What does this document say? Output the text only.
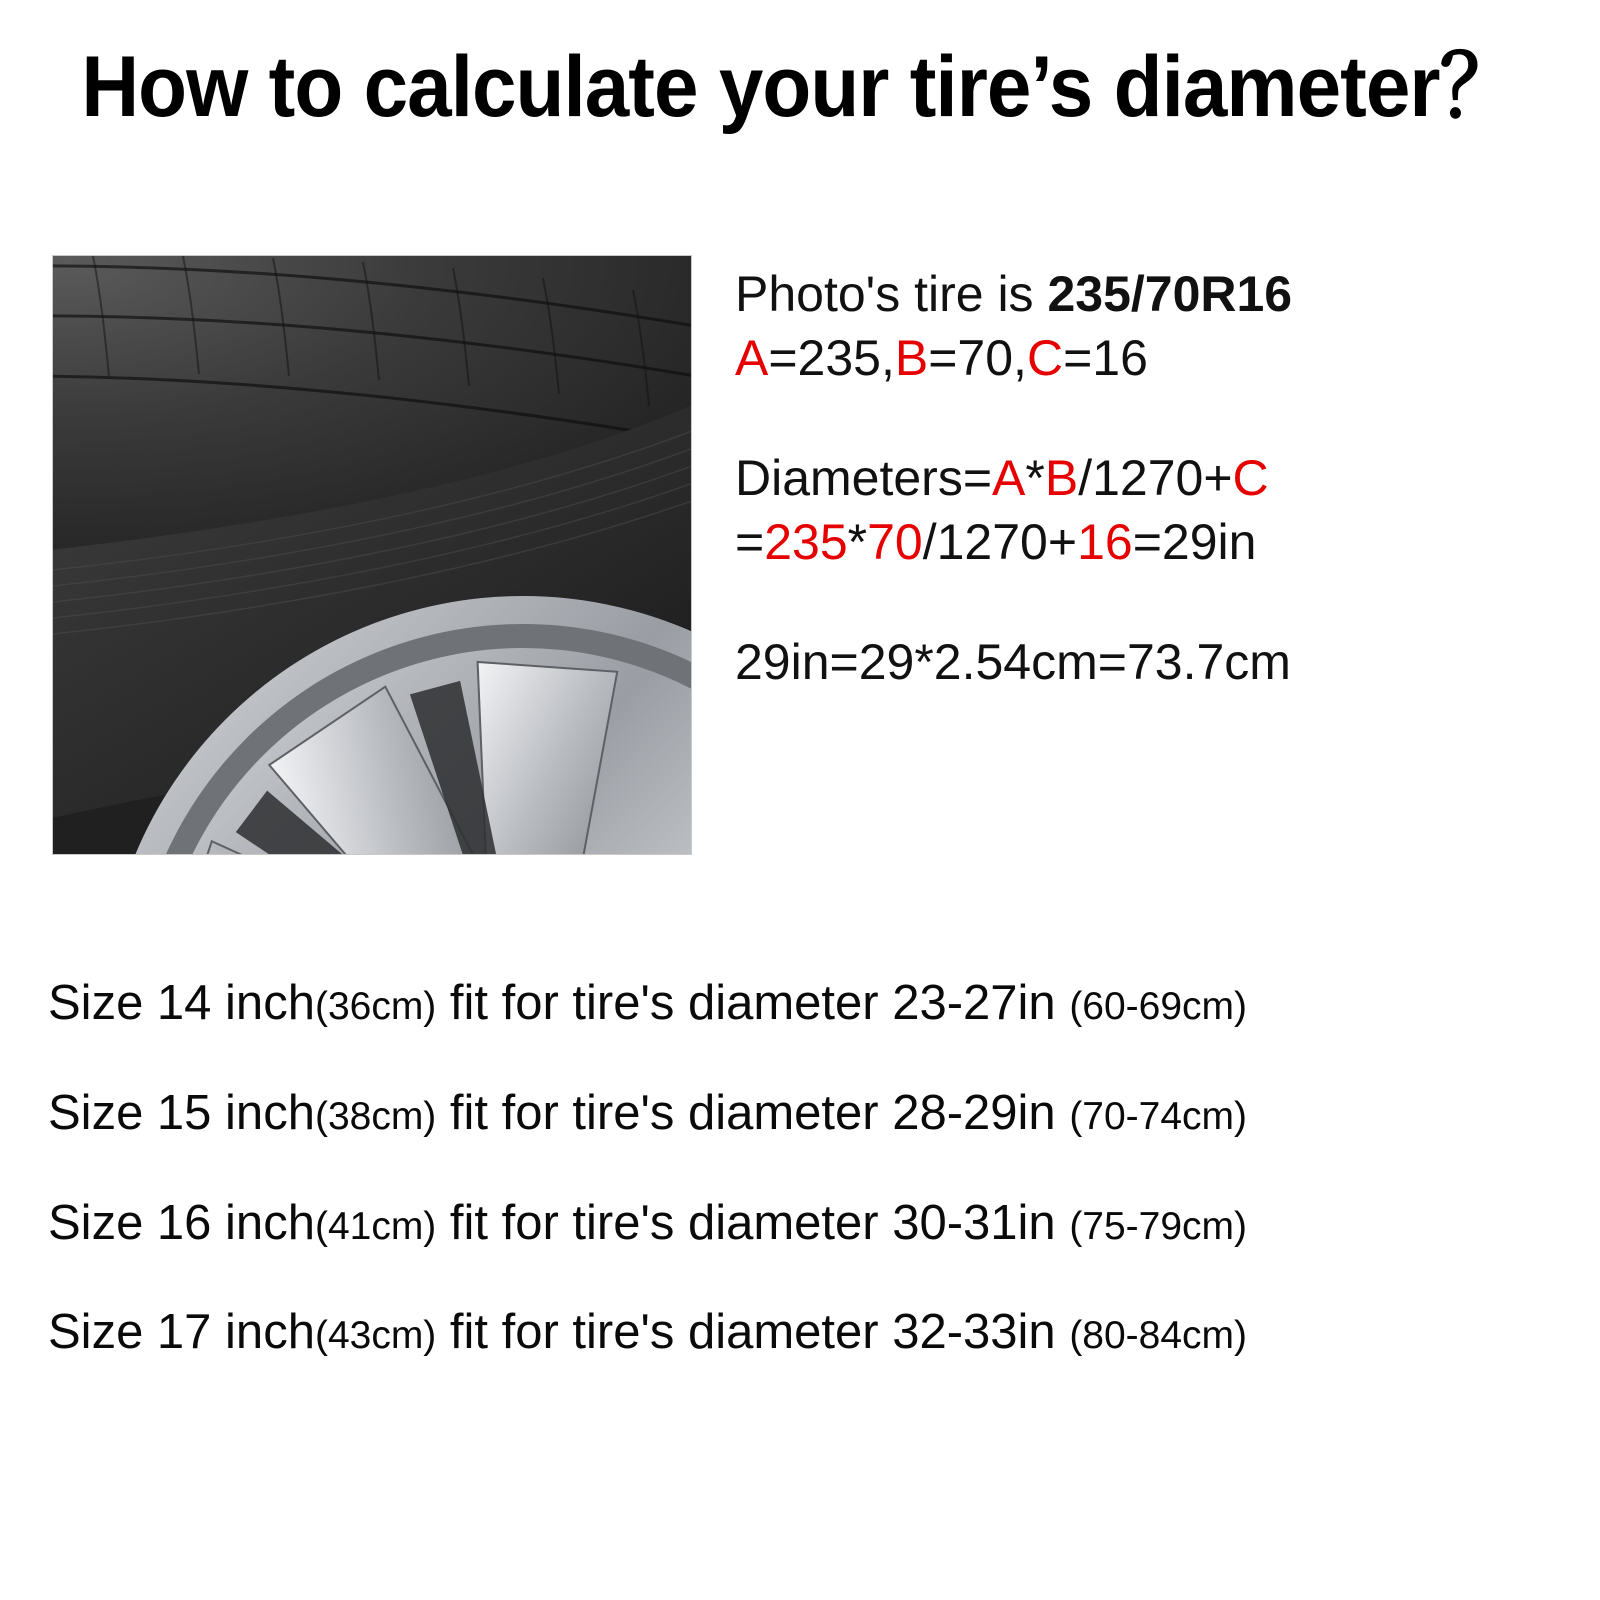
How to calculate your tire’s diameter？
Photo's tire is 235/70R16
A=235,B=70,C=16
Diameters=A*B/1270+C
=235*70/1270+16=29in
29in=29*2.54cm=73.7cm
Size 14 inch(36cm) fit for tire's diameter 23-27in (60-69cm)
Size 15 inch(38cm) fit for tire's diameter 28-29in (70-74cm)
Size 16 inch(41cm) fit for tire's diameter 30-31in (75-79cm)
Size 17 inch(43cm) fit for tire's diameter 32-33in (80-84cm)
